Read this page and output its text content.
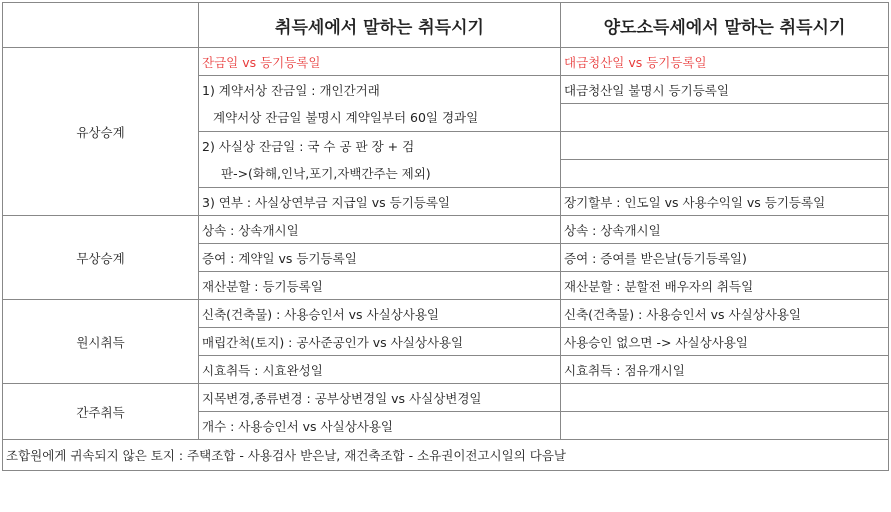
	취득세에서 말하는 취득시기	양도소득세에서 말하는 취득시기
유상승계	잔금일 vs 등기등록일	대금청산일 vs 등기등록일
	1) 계약서상 잔금일 : 개인간거래	대금청산일 불명시 등기등록일
	계약서상 잔금일 불명시 계약일부터 60일 경과일	
	2) 사실상 잔금일 : 국 수 공 판 장 + 검	
	판->(화해,인낙,포기,자백간주는 제외)	
	3) 연부 : 사실상연부금 지급일 vs 등기등록일	장기할부 : 인도일 vs 사용수익일 vs 등기등록일
무상승계	상속 : 상속개시일	상속 : 상속개시일
	증여 : 계약일 vs 등기등록일	증여 : 증여를 받은날(등기등록일)
	재산분할 : 등기등록일	재산분할 : 분할전 배우자의 취득일
원시취득	신축(건축물) : 사용승인서 vs 사실상사용일	신축(건축물) : 사용승인서 vs 사실상사용일
	매립간척(토지) : 공사준공인가 vs 사실상사용일	사용승인 없으면 -> 사실상사용일
	시효취득 : 시효완성일	시효취득 : 점유개시일
간주취득	지목변경,종류변경 : 공부상변경일 vs 사실상변경일	
	개수 : 사용승인서 vs 사실상사용일	
조합원에게 귀속되지 않은 토지 : 주택조합 - 사용검사 받은날, 재건축조합 - 소유권이전고시일의 다음날		
